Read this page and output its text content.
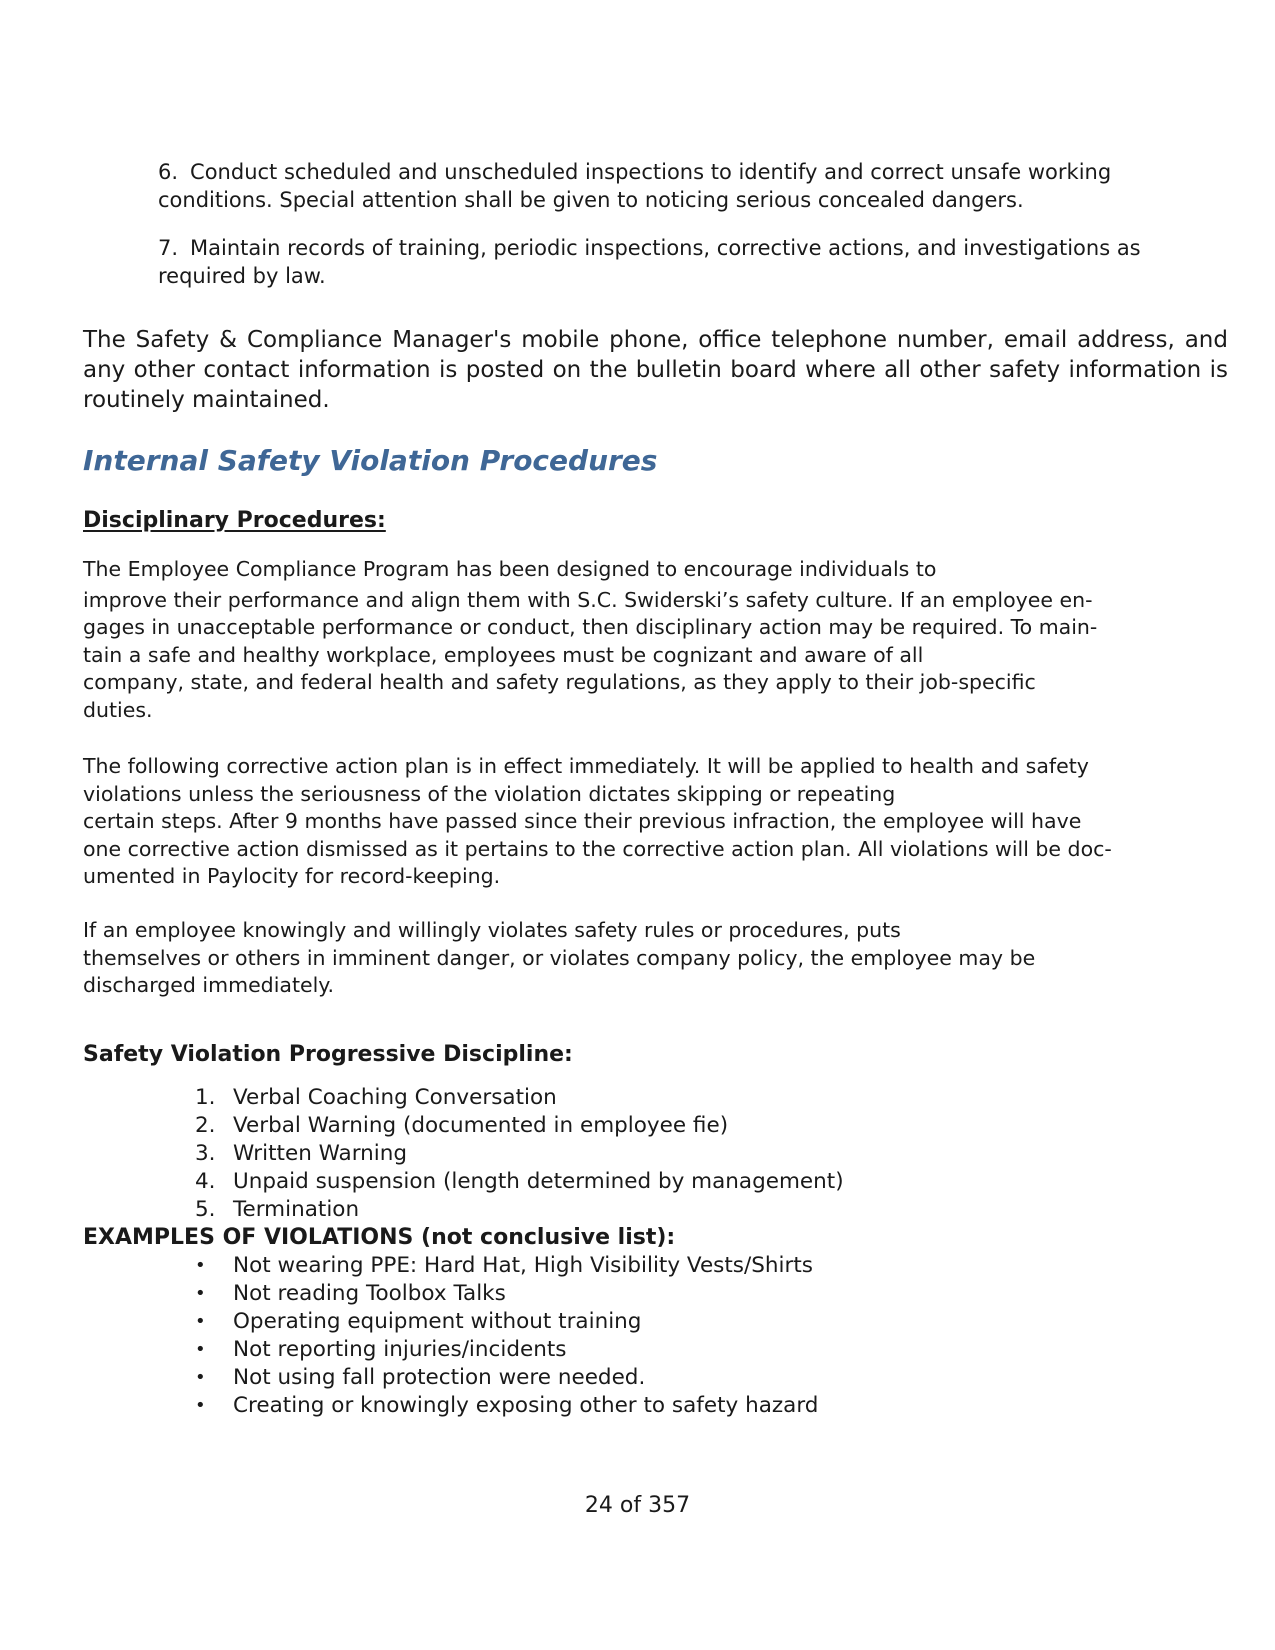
6. Conduct scheduled and unscheduled inspections to identify and correct unsafe working
conditions. Special attention shall be given to noticing serious concealed dangers.
7. Maintain records of training, periodic inspections, corrective actions, and investigations as
required by law.

The Safety & Compliance Manager's mobile phone, office telephone number, email address, and any other contact information is posted on the bulletin board where all other safety information is routinely maintained.

Internal Safety Violation Procedures
Disciplinary Procedures:
The Employee Compliance Program has been designed to encourage individuals to
improve their performance and align them with S.C. Swiderski’s safety culture. If an employee en-
gages in unacceptable performance or conduct, then disciplinary action may be required. To main-
tain a safe and healthy workplace, employees must be cognizant and aware of all
company, state, and federal health and safety regulations, as they apply to their job-specific
duties.
The following corrective action plan is in effect immediately. It will be applied to health and safety
violations unless the seriousness of the violation dictates skipping or repeating
certain steps. After 9 months have passed since their previous infraction, the employee will have
one corrective action dismissed as it pertains to the corrective action plan. All violations will be doc-
umented in Paylocity for record-keeping.
If an employee knowingly and willingly violates safety rules or procedures, puts
themselves or others in imminent danger, or violates company policy, the employee may be
discharged immediately.
Safety Violation Progressive Discipline:
1. Verbal Coaching Conversation
2. Verbal Warning (documented in employee fie)
3. Written Warning
4. Unpaid suspension (length determined by management)
5. Termination
EXAMPLES OF VIOLATIONS (not conclusive list):
•	Not wearing PPE: Hard Hat, High Visibility Vests/Shirts
•	Not reading Toolbox Talks
•	Operating equipment without training
•	Not reporting injuries/incidents
•	Not using fall protection were needed.
•	Creating or knowingly exposing other to safety hazard
24 of 357
